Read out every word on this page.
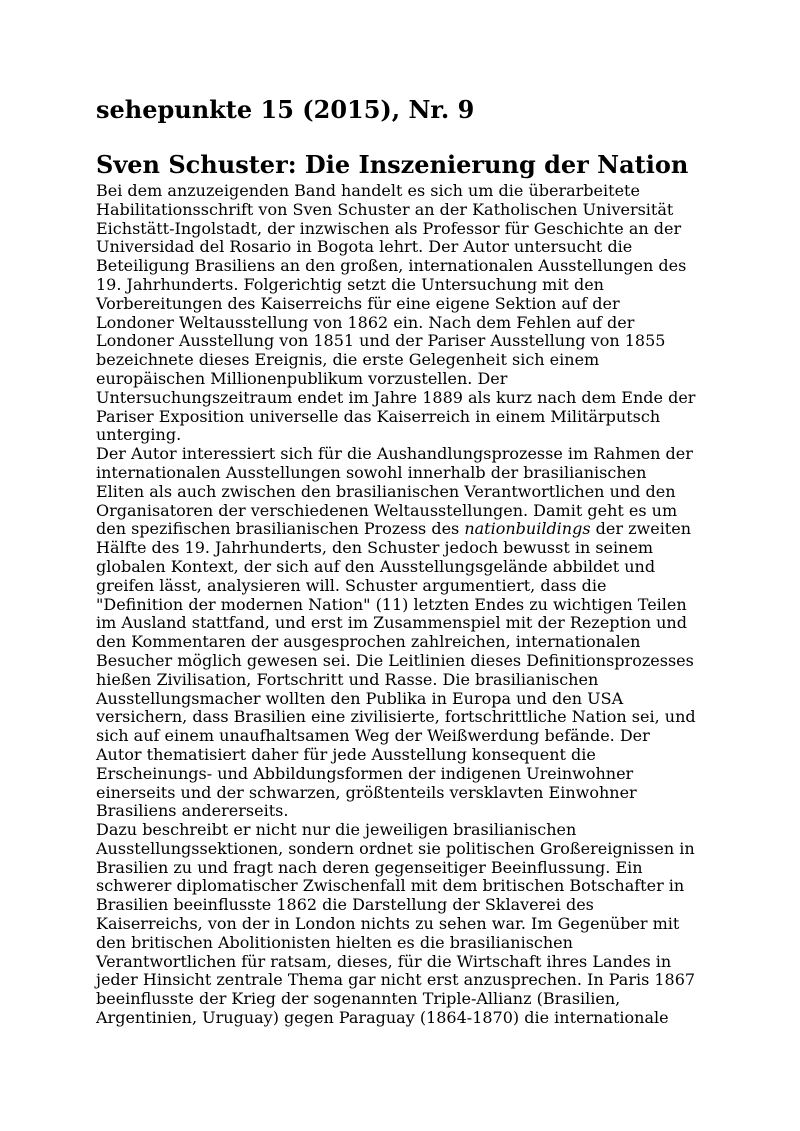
sehepunkte 15 (2015), Nr. 9
Sven Schuster: Die Inszenierung der Nation

Bei dem anzuzeigenden Band handelt es sich um die überarbeitete
Habilitationsschrift von Sven Schuster an der Katholischen Universität
Eichstätt-Ingolstadt, der inzwischen als Professor für Geschichte an der
Universidad del Rosario in Bogota lehrt. Der Autor untersucht die
Beteiligung Brasiliens an den großen, internationalen Ausstellungen des
19. Jahrhunderts. Folgerichtig setzt die Untersuchung mit den
Vorbereitungen des Kaiserreichs für eine eigene Sektion auf der
Londoner Weltausstellung von 1862 ein. Nach dem Fehlen auf der
Londoner Ausstellung von 1851 und der Pariser Ausstellung von 1855
bezeichnete dieses Ereignis, die erste Gelegenheit sich einem
europäischen Millionenpublikum vorzustellen. Der
Untersuchungszeitraum endet im Jahre 1889 als kurz nach dem Ende der
Pariser Exposition universelle das Kaiserreich in einem Militärputsch
unterging.

Der Autor interessiert sich für die Aushandlungsprozesse im Rahmen der
internationalen Ausstellungen sowohl innerhalb der brasilianischen
Eliten als auch zwischen den brasilianischen Verantwortlichen und den
Organisatoren der verschiedenen Weltausstellungen. Damit geht es um
den spezifischen brasilianischen Prozess des nationbuildings der zweiten
Hälfte des 19. Jahrhunderts, den Schuster jedoch bewusst in seinem
globalen Kontext, der sich auf den Ausstellungsgelände abbildet und
greifen lässt, analysieren will. Schuster argumentiert, dass die
"Definition der modernen Nation" (11) letzten Endes zu wichtigen Teilen
im Ausland stattfand, und erst im Zusammenspiel mit der Rezeption und
den Kommentaren der ausgesprochen zahlreichen, internationalen
Besucher möglich gewesen sei. Die Leitlinien dieses Definitionsprozesses
hießen Zivilisation, Fortschritt und Rasse. Die brasilianischen
Ausstellungsmacher wollten den Publika in Europa und den USA
versichern, dass Brasilien eine zivilisierte, fortschrittliche Nation sei, und
sich auf einem unaufhaltsamen Weg der Weißwerdung befände. Der
Autor thematisiert daher für jede Ausstellung konsequent die
Erscheinungs- und Abbildungsformen der indigenen Ureinwohner
einerseits und der schwarzen, größtenteils versklavten Einwohner
Brasiliens andererseits.

Dazu beschreibt er nicht nur die jeweiligen brasilianischen
Ausstellungssektionen, sondern ordnet sie politischen Großereignissen in
Brasilien zu und fragt nach deren gegenseitiger Beeinflussung. Ein
schwerer diplomatischer Zwischenfall mit dem britischen Botschafter in
Brasilien beeinflusste 1862 die Darstellung der Sklaverei des
Kaiserreichs, von der in London nichts zu sehen war. Im Gegenüber mit
den britischen Abolitionisten hielten es die brasilianischen
Verantwortlichen für ratsam, dieses, für die Wirtschaft ihres Landes in
jeder Hinsicht zentrale Thema gar nicht erst anzusprechen. In Paris 1867
beeinflusste der Krieg der sogenannten Triple-Allianz (Brasilien,
Argentinien, Uruguay) gegen Paraguay (1864-1870) die internationale
